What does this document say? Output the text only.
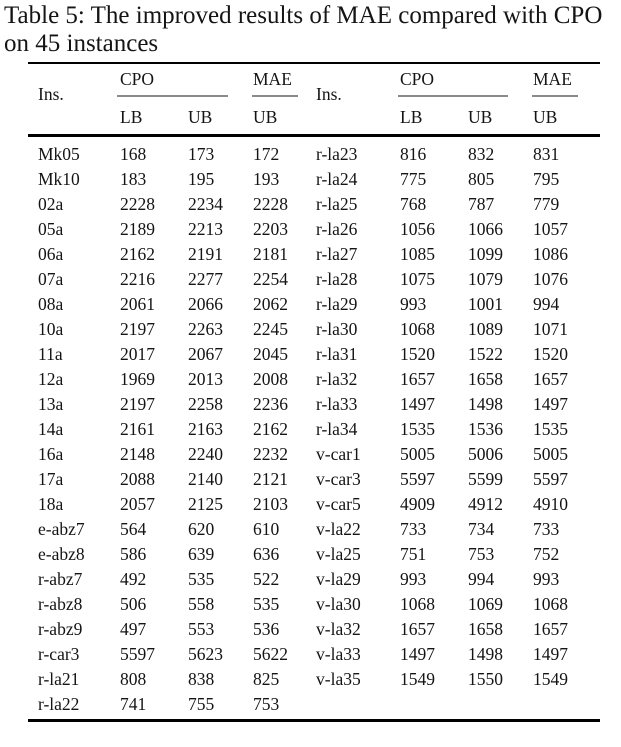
Table 5: The improved results of MAE compared with CPO
on 45 instances
Ins.
CPO	MAE
LB	UB UB
Ins.
CPO	MAE
LB	UB UB
Mk05	168	173	172	r-la23	816	832	831
Mk10	183	195	193	r-la24	775	805	795
02a	2228	2234	2228	r-la25	768	787	779
05a	2189	2213	2203	r-la26	1056	1066	1057
06a	2162	2191	2181	r-la27	1085	1099	1086
07a	2216	2277	2254	r-la28	1075	1079	1076
08a	2061	2066	2062	r-la29	993	1001	994
10a	2197	2263	2245	r-la30	1068	1089	1071
11a	2017	2067	2045	r-la31	1520	1522	1520
12a	1969	2013	2008	r-la32	1657	1658	1657
13a	2197	2258	2236	r-la33	1497	1498	1497
14a	2161	2163	2162	r-la34	1535	1536	1535
16a	2148	2240	2232	v-car1	5005	5006	5005
17a	2088	2140	2121	v-car3	5597	5599	5597
18a	2057	2125	2103	v-car5	4909	4912	4910
e-abz7	564	620	610	v-la22	733	734	733
e-abz8	586	639	636	v-la25	751	753	752
r-abz7	492	535	522	v-la29	993	994	993
r-abz8	506	558	535	v-la30	1068	1069	1068
r-abz9	497	553	536	v-la32	1657	1658	1657
r-car3	5597	5623	5622	v-la33	1497	1498	1497
r-la21	808	838	825	v-la35	1549	1550	1549
r-la22	741	755	753				
